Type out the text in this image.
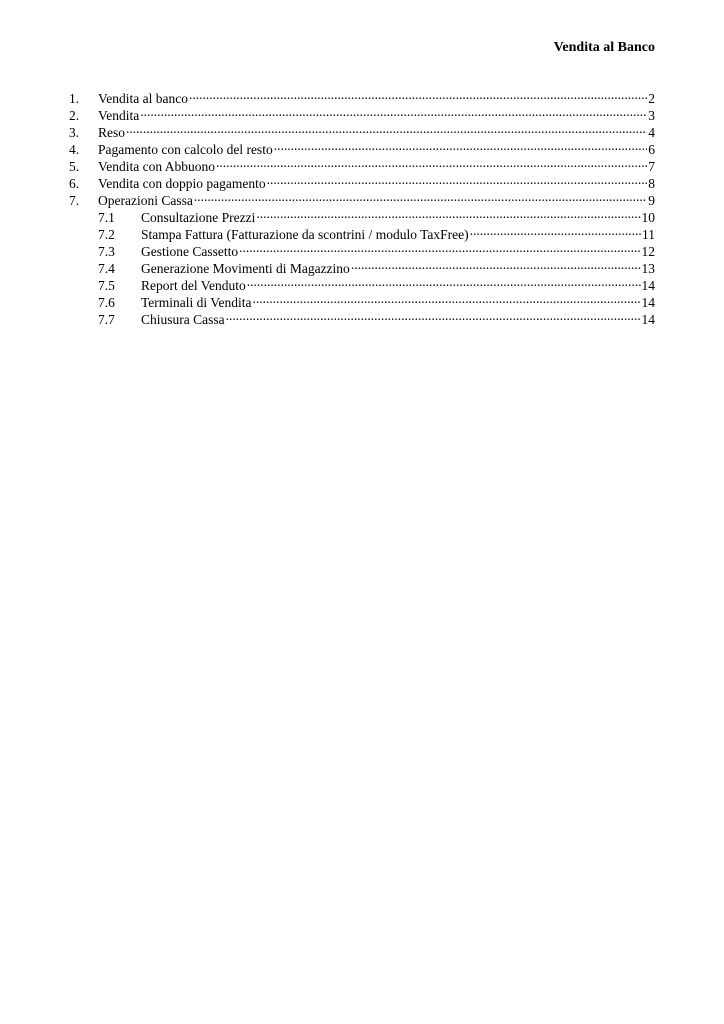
Vendita al Banco
1.	Vendita al banco .....	2
2.	Vendita .....	3
3.	Reso .....	4
4.	Pagamento con calcolo del resto .....	6
5.	Vendita con Abbuono .....	7
6.	Vendita con doppio pagamento .....	8
7.	Operazioni Cassa .....	9
7.1	Consultazione Prezzi .....	10
7.2	Stampa Fattura (Fatturazione da scontrini / modulo TaxFree) .....	11
7.3	Gestione Cassetto .....	12
7.4	Generazione Movimenti di Magazzino .....	13
7.5	Report del Venduto .....	14
7.6	Terminali di Vendita .....	14
7.7	Chiusura Cassa .....	14
